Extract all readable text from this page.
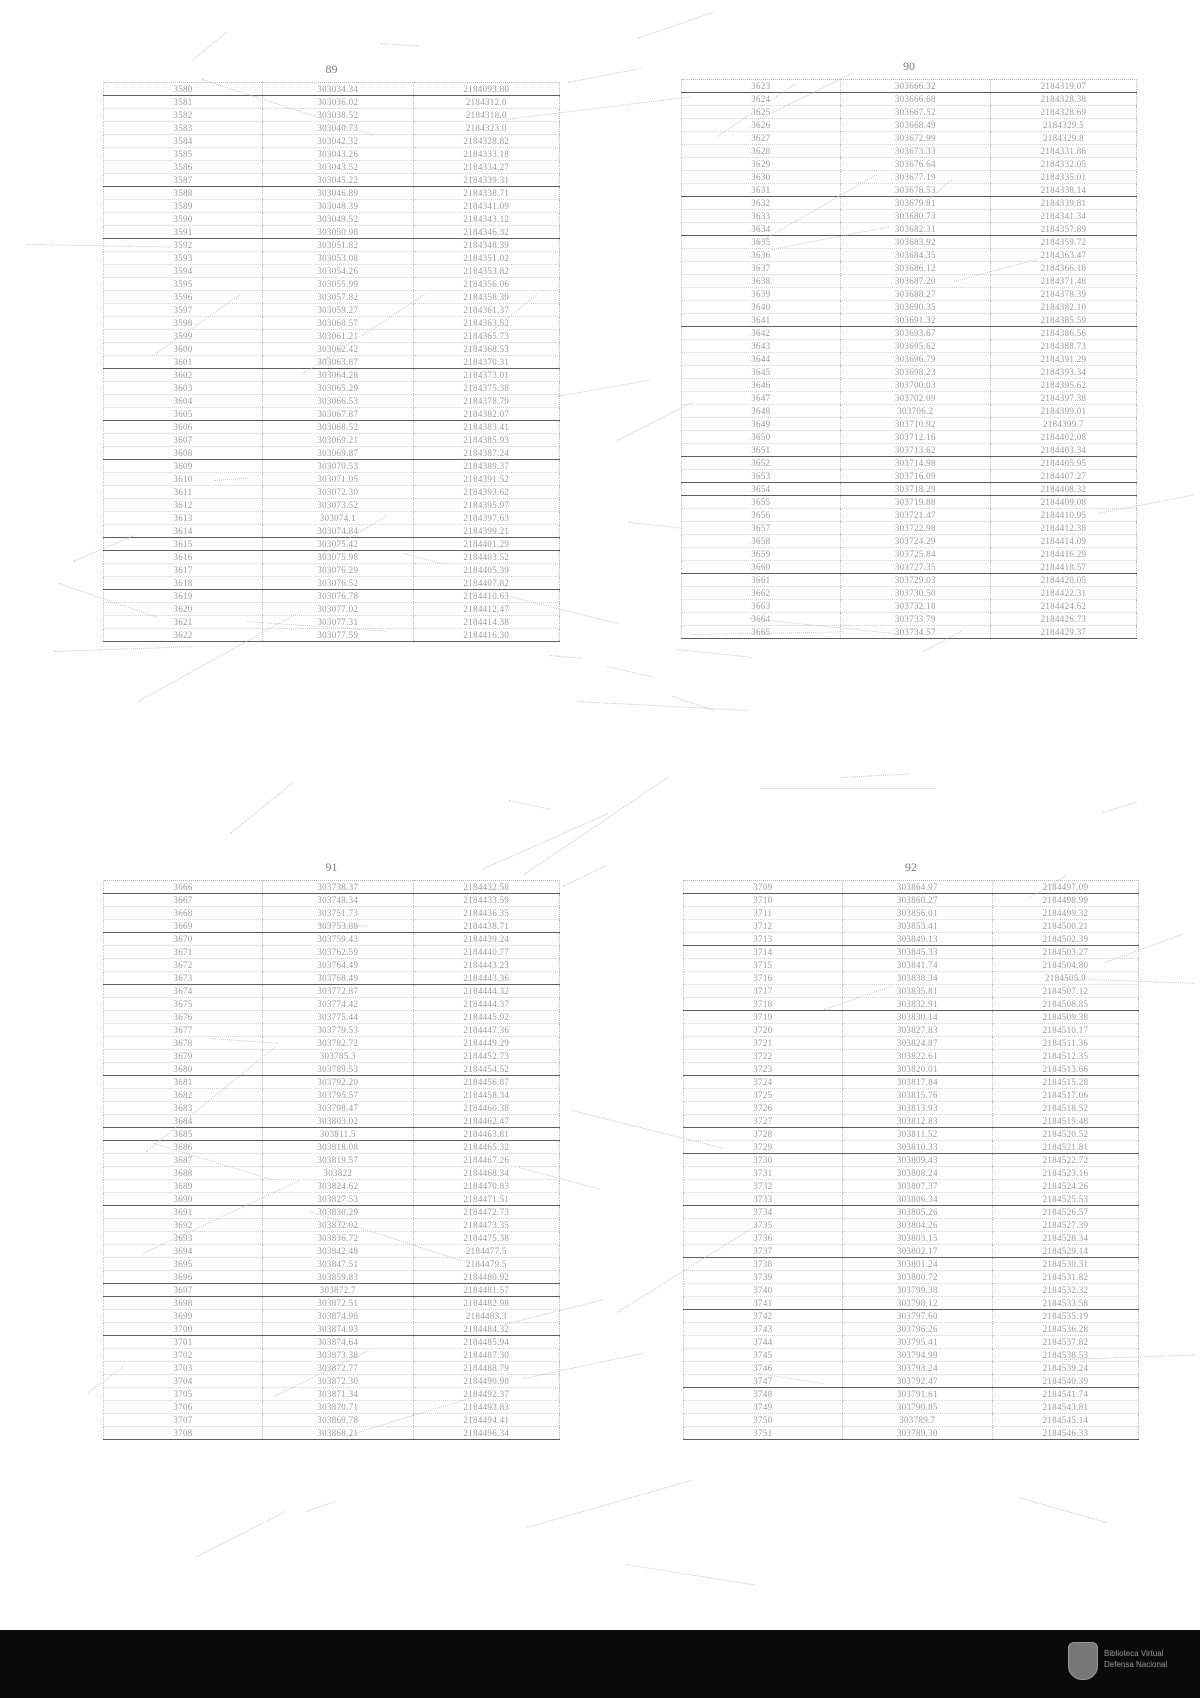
89
3580	303034.34	2184093.80
3581	303036.02	2184312.0
3582	303038.52	2184318.0
3583	303040.73	2184323.0
3584	303042.32	2184328.82
3585	303043.26	2184333.18
3586	303043.52	2184334.27
3587	303045.22	2184339.31
3588	303046.89	2184338.71
3589	303048.39	2184341.09
3590	303049.52	2184343.12
3591	303050.98	2184346.32
3592	303051.82	2184348.39
3593	303053.08	2184351.02
3594	303054.26	2184353.82
3595	303055.99	2184356.06
3596	303057.82	2184358.39
3597	303059.27	2184361.37
3598	303060.57	2184363.52
3599	303061.21	2184365.73
3600	303062.42	2184368.53
3601	303063.87	2184370.31
3602	303064.28	2184373.01
3603	303065.29	2184375.38
3604	303066.53	2184378.79
3605	303067.87	2184382.07
3606	303068.52	2184383.41
3607	303069.21	2184385.93
3608	303069.87	2184387.24
3609	303070.53	2184389.37
3610	303071.05	2184391.52
3611	303072.30	2184393.62
3612	303073.52	2184395.97
3613	303074.1	2184397.63
3614	303074.84	2184399.21
3615	303075.42	2184401.29
3616	303075.98	2184403.52
3617	303076.29	2184405.39
3618	303076.52	2184407.82
3619	303076.78	2184410.63
3620	303077.02	2184412.47
3621	303077.31	2184414.38
3622	303077.59	2184416.30
90
3623	303666.32	2184319.07
3624	303666.68	2184328.38
3625	303667.52	2184328.69
3626	303668.49	2184329.5
3627	303672.99	2184329.8
3628	303673.33	2184331.86
3629	303676.64	2184332.05
3630	303677.19	2184335.01
3631	303678.53	2184338.14
3632	303679.81	2184339.81
3633	303680.73	2184341.34
3634	303682.31	2184357.89
3635	303683.92	2184359.72
3636	303684.35	2184363.47
3637	303686.12	2184366.18
3638	303687.20	2184371.48
3639	303688.27	2184378.39
3640	303690.35	2184382.10
3641	303691.32	2184385.59
3642	303693.67	2184386.56
3643	303695.62	2184388.73
3644	303696.79	2184391.29
3645	303698.23	2184393.34
3646	303700.03	2184395.62
3647	303702.09	2184397.38
3648	303706.2	2184399.01
3649	303710.92	2184399.7
3650	303712.16	2184402.08
3651	303713.62	2184403.34
3652	303714.98	2184405.95
3653	303716.09	2184407.27
3654	303718.29	2184408.32
3655	303719.88	2184409.08
3656	303721.47	2184410.95
3657	303722.98	2184412.38
3658	303724.29	2184414.09
3659	303725.84	2184416.29
3660	303727.35	2184418.57
3661	303729.03	2184420.05
3662	303730.50	2184422.31
3663	303732.18	2184424.62
3664	303733.79	2184426.73
3665	303734.57	2184429.37
91
3666	303738.37	2184432.58
3667	303748.34	2184433.59
3668	303751.73	2184436.35
3669	303753.88	2184438.71
3670	303759.43	2184439.24
3671	303762.59	2184440.77
3672	303764.49	2184443.23
3673	303768.49	2184443.36
3674	303772.87	2184444.32
3675	303774.42	2184444.37
3676	303775.44	2184445.92
3677	303779.53	2184447.36
3678	303782.72	2184449.29
3679	303785.3	2184452.73
3680	303789.53	2184454.52
3681	303792.20	2184456.87
3682	303795.57	2184458.34
3683	303798.47	2184460.38
3684	303803.02	2184462.47
3685	303811.5	2184463.81
3686	303818.08	2184465.32
3687	303819.57	2184467.26
3688	303822	2184468.34
3689	303824.62	2184470.83
3690	303827.53	2184471.51
3691	303830.29	2184472.73
3692	303832.02	2184473.35
3693	303836.72	2184475.38
3694	303842.48	2184477.5
3695	303847.51	2184479.5
3696	303859.83	2184480.92
3697	303872.7	2184481.57
3698	303872.51	2184482.98
3699	303874.98	2184483.3
3700	303874.93	2184484.32
3701	303874.64	2184485.94
3702	303873.38	2184487.30
3703	303872.77	2184488.79
3704	303872.30	2184490.98
3705	303871.34	2184492.37
3706	303870.71	2184493.83
3707	303869.78	2184494.41
3708	303868.21	2184496.34
92
3709	303864.97	2184497.09
3710	303860.27	2184498.99
3711	303856.01	2184499.32
3712	303853.41	2184500.21
3713	303849.13	2184502.39
3714	303845.33	2184503.27
3715	303841.74	2184504.80
3716	303838.34	2184505.9
3717	303835.81	2184507.12
3718	303832.91	2184508.85
3719	303830.14	2184509.38
3720	303827.83	2184510.17
3721	303824.87	2184511.36
3722	303822.61	2184512.35
3723	303820.01	2184513.66
3724	303817.84	2184515.28
3725	303815.76	2184517.06
3726	303813.93	2184518.52
3727	303812.83	2184519.48
3728	303811.52	2184520.52
3729	303810.33	2184521.81
3730	303809.43	2184522.72
3731	303808.24	2184523.16
3732	303807.37	2184524.26
3733	303806.34	2184525.53
3734	303805.26	2184526.57
3735	303804.26	2184527.39
3736	303803.15	2184528.34
3737	303802.17	2184529.14
3738	303801.24	2184530.31
3739	303800.72	2184531.82
3740	303799.38	2184532.32
3741	303798.12	2184533.58
3742	303797.60	2184535.19
3743	303796.26	2184536.28
3744	303795.41	2184537.82
3745	303794.99	2184538.53
3746	303793.24	2184539.24
3747	303792.47	2184540.39
3748	303791.61	2184541.74
3749	303790.85	2184543.81
3750	303789.7	2184545.14
3751	303789.30	2184546.33
Biblioteca Virtual
Defensa Nacional
